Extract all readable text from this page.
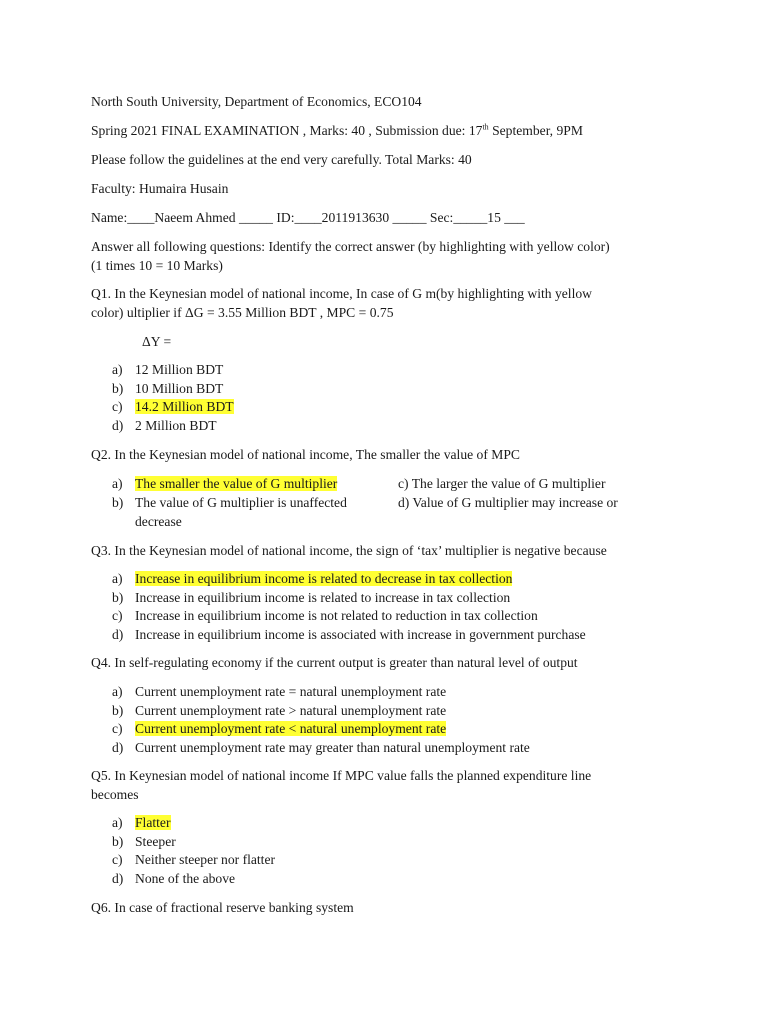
North South University, Department of Economics, ECO104
Spring 2021 FINAL EXAMINATION , Marks: 40 , Submission due: 17th September, 9PM
Please follow the guidelines at the end very carefully. Total Marks: 40
Faculty: Humaira Husain
Name:____Naeem Ahmed _____ ID:____2011913630 _____ Sec:_____15 ___
Answer all following questions: Identify the correct answer (by highlighting with yellow color)
(1 times 10 = 10 Marks)
Q1. In the Keynesian model of national income, In case of G m(by highlighting with yellow
color) ultiplier if ΔG = 3.55 Million BDT , MPC = 0.75
ΔY =
a) 12 Million BDT
b) 10 Million BDT
c) 14.2 Million BDT
d) 2 Million BDT
Q2. In the Keynesian model of national income, The smaller the value of MPC
a) The smaller the value of G multiplier
b) The value of G multiplier is unaffected
c) The larger the value of G multiplier
d) Value of G multiplier may increase or
decrease
Q3. In the Keynesian model of national income, the sign of ‘tax’ multiplier is negative because
a) Increase in equilibrium income is related to decrease in tax collection
b) Increase in equilibrium income is related to increase in tax collection
c) Increase in equilibrium income is not related to reduction in tax collection
d) Increase in equilibrium income is associated with increase in government purchase
Q4. In self-regulating economy if the current output is greater than natural level of output
a) Current unemployment rate = natural unemployment rate
b) Current unemployment rate > natural unemployment rate
c) Current unemployment rate < natural unemployment rate
d) Current unemployment rate may greater than natural unemployment rate
Q5. In Keynesian model of national income If MPC value falls the planned expenditure line
becomes
a) Flatter
b) Steeper
c) Neither steeper nor flatter
d) None of the above
Q6. In case of fractional reserve banking system
